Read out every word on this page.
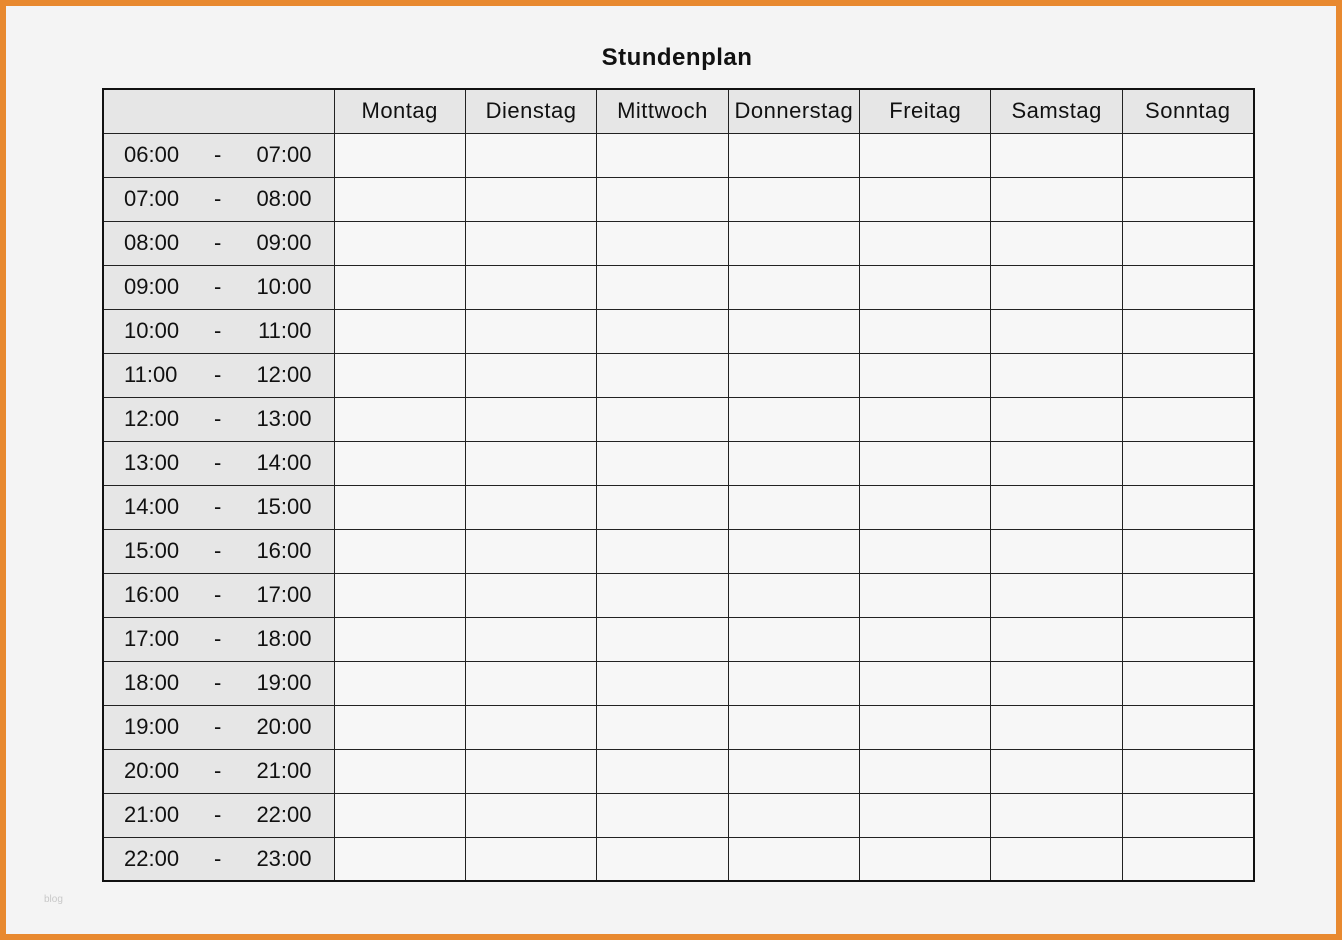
Stundenplan
	Montag	Dienstag	Mittwoch	Donnerstag	Freitag	Samstag	Sonntag

06:00 - 07:00							

07:00 - 08:00							

08:00 - 09:00							

09:00 - 10:00							

10:00 - 11:00							

11:00 - 12:00							

12:00 - 13:00							

13:00 - 14:00							

14:00 - 15:00							

15:00 - 16:00							

16:00 - 17:00							

17:00 - 18:00							

18:00 - 19:00							

19:00 - 20:00							

20:00 - 21:00							

21:00 - 22:00							

22:00 - 23:00							

blog
